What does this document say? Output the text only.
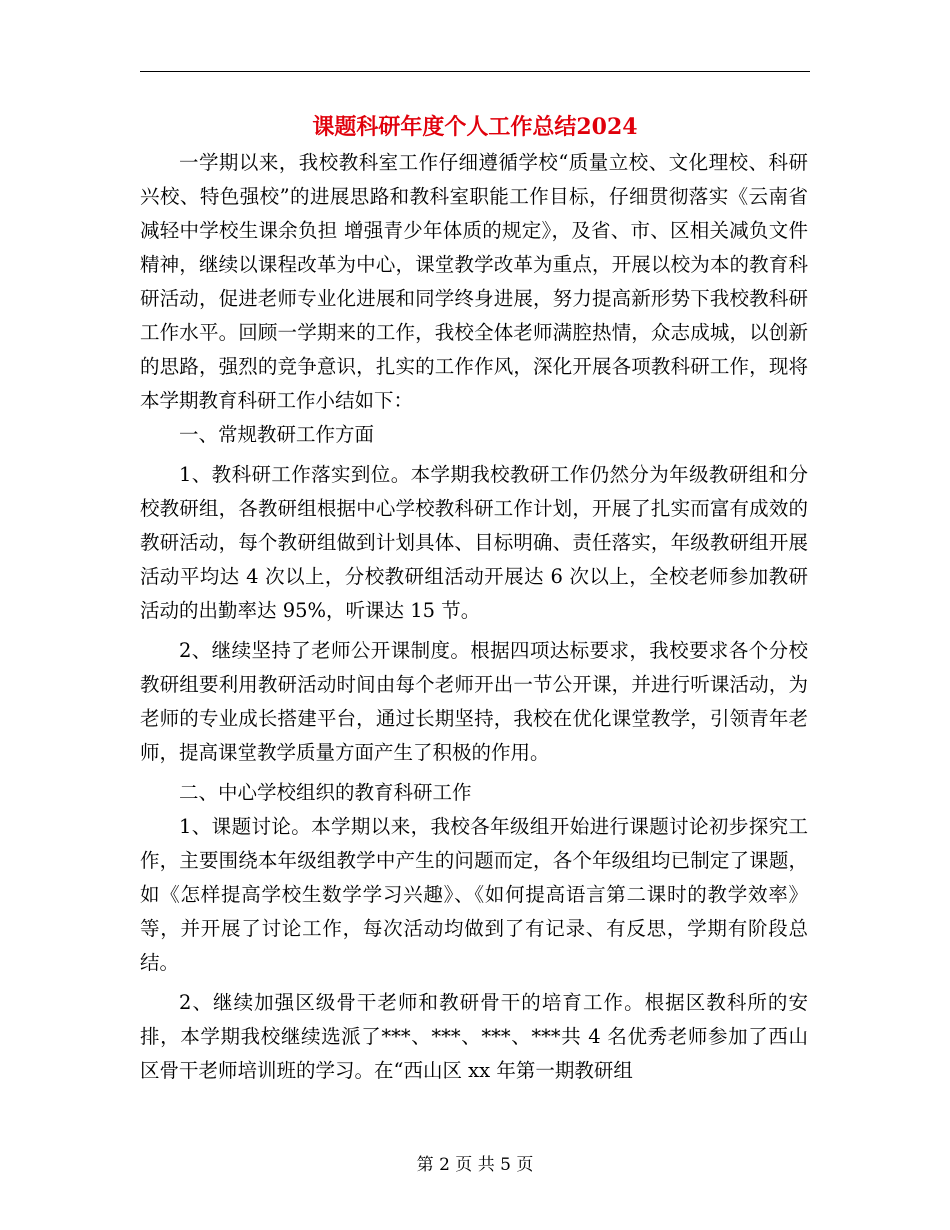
课题科研年度个人工作总结2024

一学期以来，我校教科室工作仔细遵循学校“质量立校、文化理校、科研兴校、特色强校”的进展思路和教科室职能工作目标，仔细贯彻落实《云南省减轻中学校生课余负担 增强青少年体质的规定》，及省、市、区相关减负文件精神，继续以课程改革为中心，课堂教学改革为重点，开展以校为本的教育科研活动，促进老师专业化进展和同学终身进展，努力提高新形势下我校教科研工作水平。回顾一学期来的工作，我校全体老师满腔热情，众志成城，以创新的思路，强烈的竞争意识，扎实的工作作风，深化开展各项教科研工作，现将本学期教育科研工作小结如下：

一、常规教研工作方面

1、教科研工作落实到位。本学期我校教研工作仍然分为年级教研组和分校教研组，各教研组根据中心学校教科研工作计划，开展了扎实而富有成效的教研活动，每个教研组做到计划具体、目标明确、责任落实，年级教研组开展活动平均达 4 次以上，分校教研组活动开展达 6 次以上，全校老师参加教研活动的出勤率达 95%，听课达 15 节。

2、继续坚持了老师公开课制度。根据四项达标要求，我校要求各个分校教研组要利用教研活动时间由每个老师开出一节公开课，并进行听课活动，为老师的专业成长搭建平台，通过长期坚持，我校在优化课堂教学，引领青年老师，提高课堂教学质量方面产生了积极的作用。

二、中心学校组织的教育科研工作

1、课题讨论。本学期以来，我校各年级组开始进行课题讨论初步探究工作，主要围绕本年级组教学中产生的问题而定，各个年级组均已制定了课题，如《怎样提高学校生数学学习兴趣》、《如何提高语言第二课时的教学效率》等，并开展了讨论工作，每次活动均做到了有记录、有反思，学期有阶段总结。

2、继续加强区级骨干老师和教研骨干的培育工作。根据区教科所的安排，本学期我校继续选派了***、***、***、***共 4 名优秀老师参加了西山区骨干老师培训班的学习。在“西山区 xx 年第一期教研组

第 2 页 共 5 页
